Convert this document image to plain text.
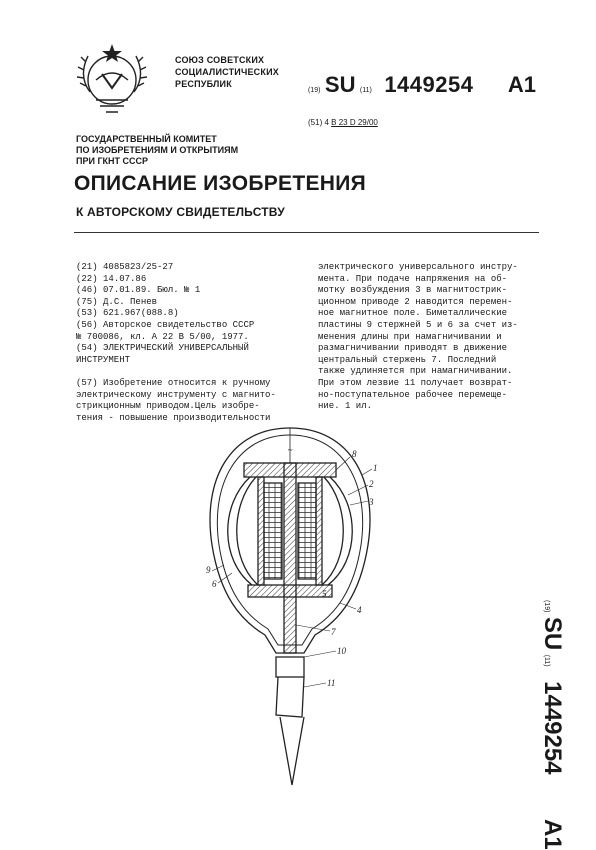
СОЮЗ СОВЕТСКИХ
СОЦИАЛИСТИЧЕСКИХ
РЕСПУБЛИК
(19) SU (11) 1449254 A1
(51) 4 B 23 D 29/00
ГОСУДАРСТВЕННЫЙ КОМИТЕТ
ПО ИЗОБРЕТЕНИЯМ И ОТКРЫТИЯМ
ПРИ ГКНТ СССР
ОПИСАНИЕ ИЗОБРЕТЕНИЯ
К АВТОРСКОМУ СВИДЕТЕЛЬСТВУ
(21) 4085823/25-27
(22) 14.07.86
(46) 07.01.89. Бюл. № 1
(75) Д.С. Пенев
(53) 621.967(088.8)
(56) Авторское свидетельство СССР
№ 700086, кл. A 22 B 5/00, 1977.
(54) ЭЛЕКТРИЧЕСКИЙ УНИВЕРСАЛЬНЫЙ
ИНСТРУМЕНТ
(57) Изобретение относится к ручному
электрическому инструменту с магнитo-
стрикционным приводом.Цель изобре-
тения - повышение производительности
электрического универсального инстру-
мента. При подаче напряжения на об-
мотку возбуждения 3 в магнитострик-
ционном приводе 2 наводится перемен-
ное магнитное поле. Биметаллические
пластины 9 стержней 5 и 6 за счет из-
менения длины при намагничивании и
размагничивании приводят в движение
центральный стержень 7. Последний
также удлиняется при намагничивании.
При этом лезвие 11 получает возврат-
но-поступательное рабочее перемеще-
ние. 1 ил.
(19) SU (11) 1449254 A1
~	8
1
2
3
9
6
5
4
7
10
11
